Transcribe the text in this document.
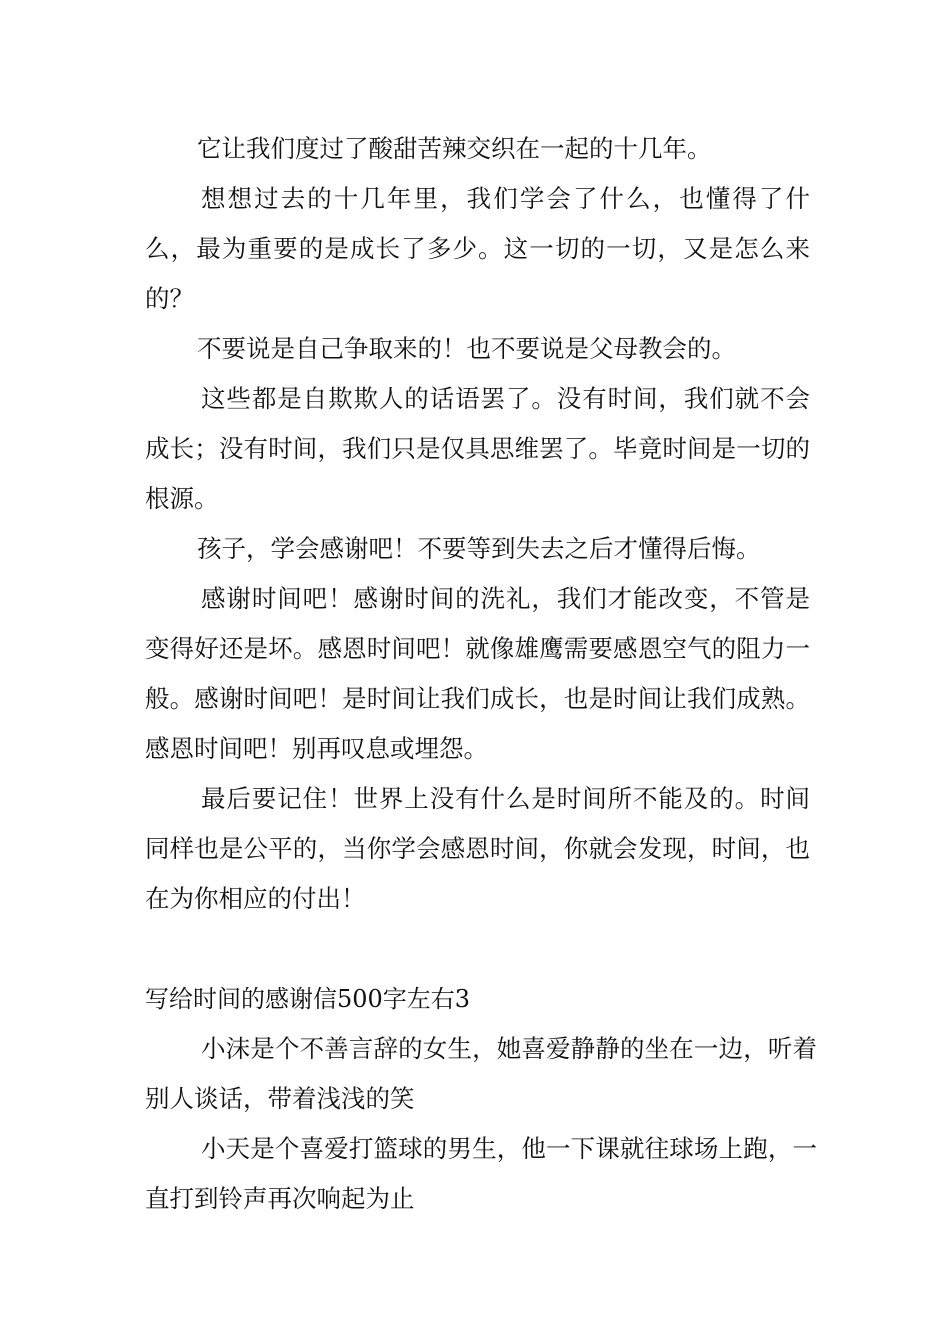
它让我们度过了酸甜苦辣交织在一起的十几年。

想想过去的十几年里，我们学会了什么，也懂得了什么，最为重要的是成长了多少。这一切的一切，又是怎么来的？

不要说是自己争取来的！也不要说是父母教会的。

这些都是自欺欺人的话语罢了。没有时间，我们就不会成长；没有时间，我们只是仅具思维罢了。毕竟时间是一切的根源。

孩子，学会感谢吧！不要等到失去之后才懂得后悔。

感谢时间吧！感谢时间的洗礼，我们才能改变，不管是变得好还是坏。感恩时间吧！就像雄鹰需要感恩空气的阻力一般。感谢时间吧！是时间让我们成长，也是时间让我们成熟。感恩时间吧！别再叹息或埋怨。

最后要记住！世界上没有什么是时间所不能及的。时间同样也是公平的，当你学会感恩时间，你就会发现，时间，也在为你相应的付出！

写给时间的感谢信500字左右3

小沫是个不善言辞的女生，她喜爱静静的坐在一边，听着别人谈话，带着浅浅的笑

小天是个喜爱打篮球的男生，他一下课就往球场上跑，一直打到铃声再次响起为止
